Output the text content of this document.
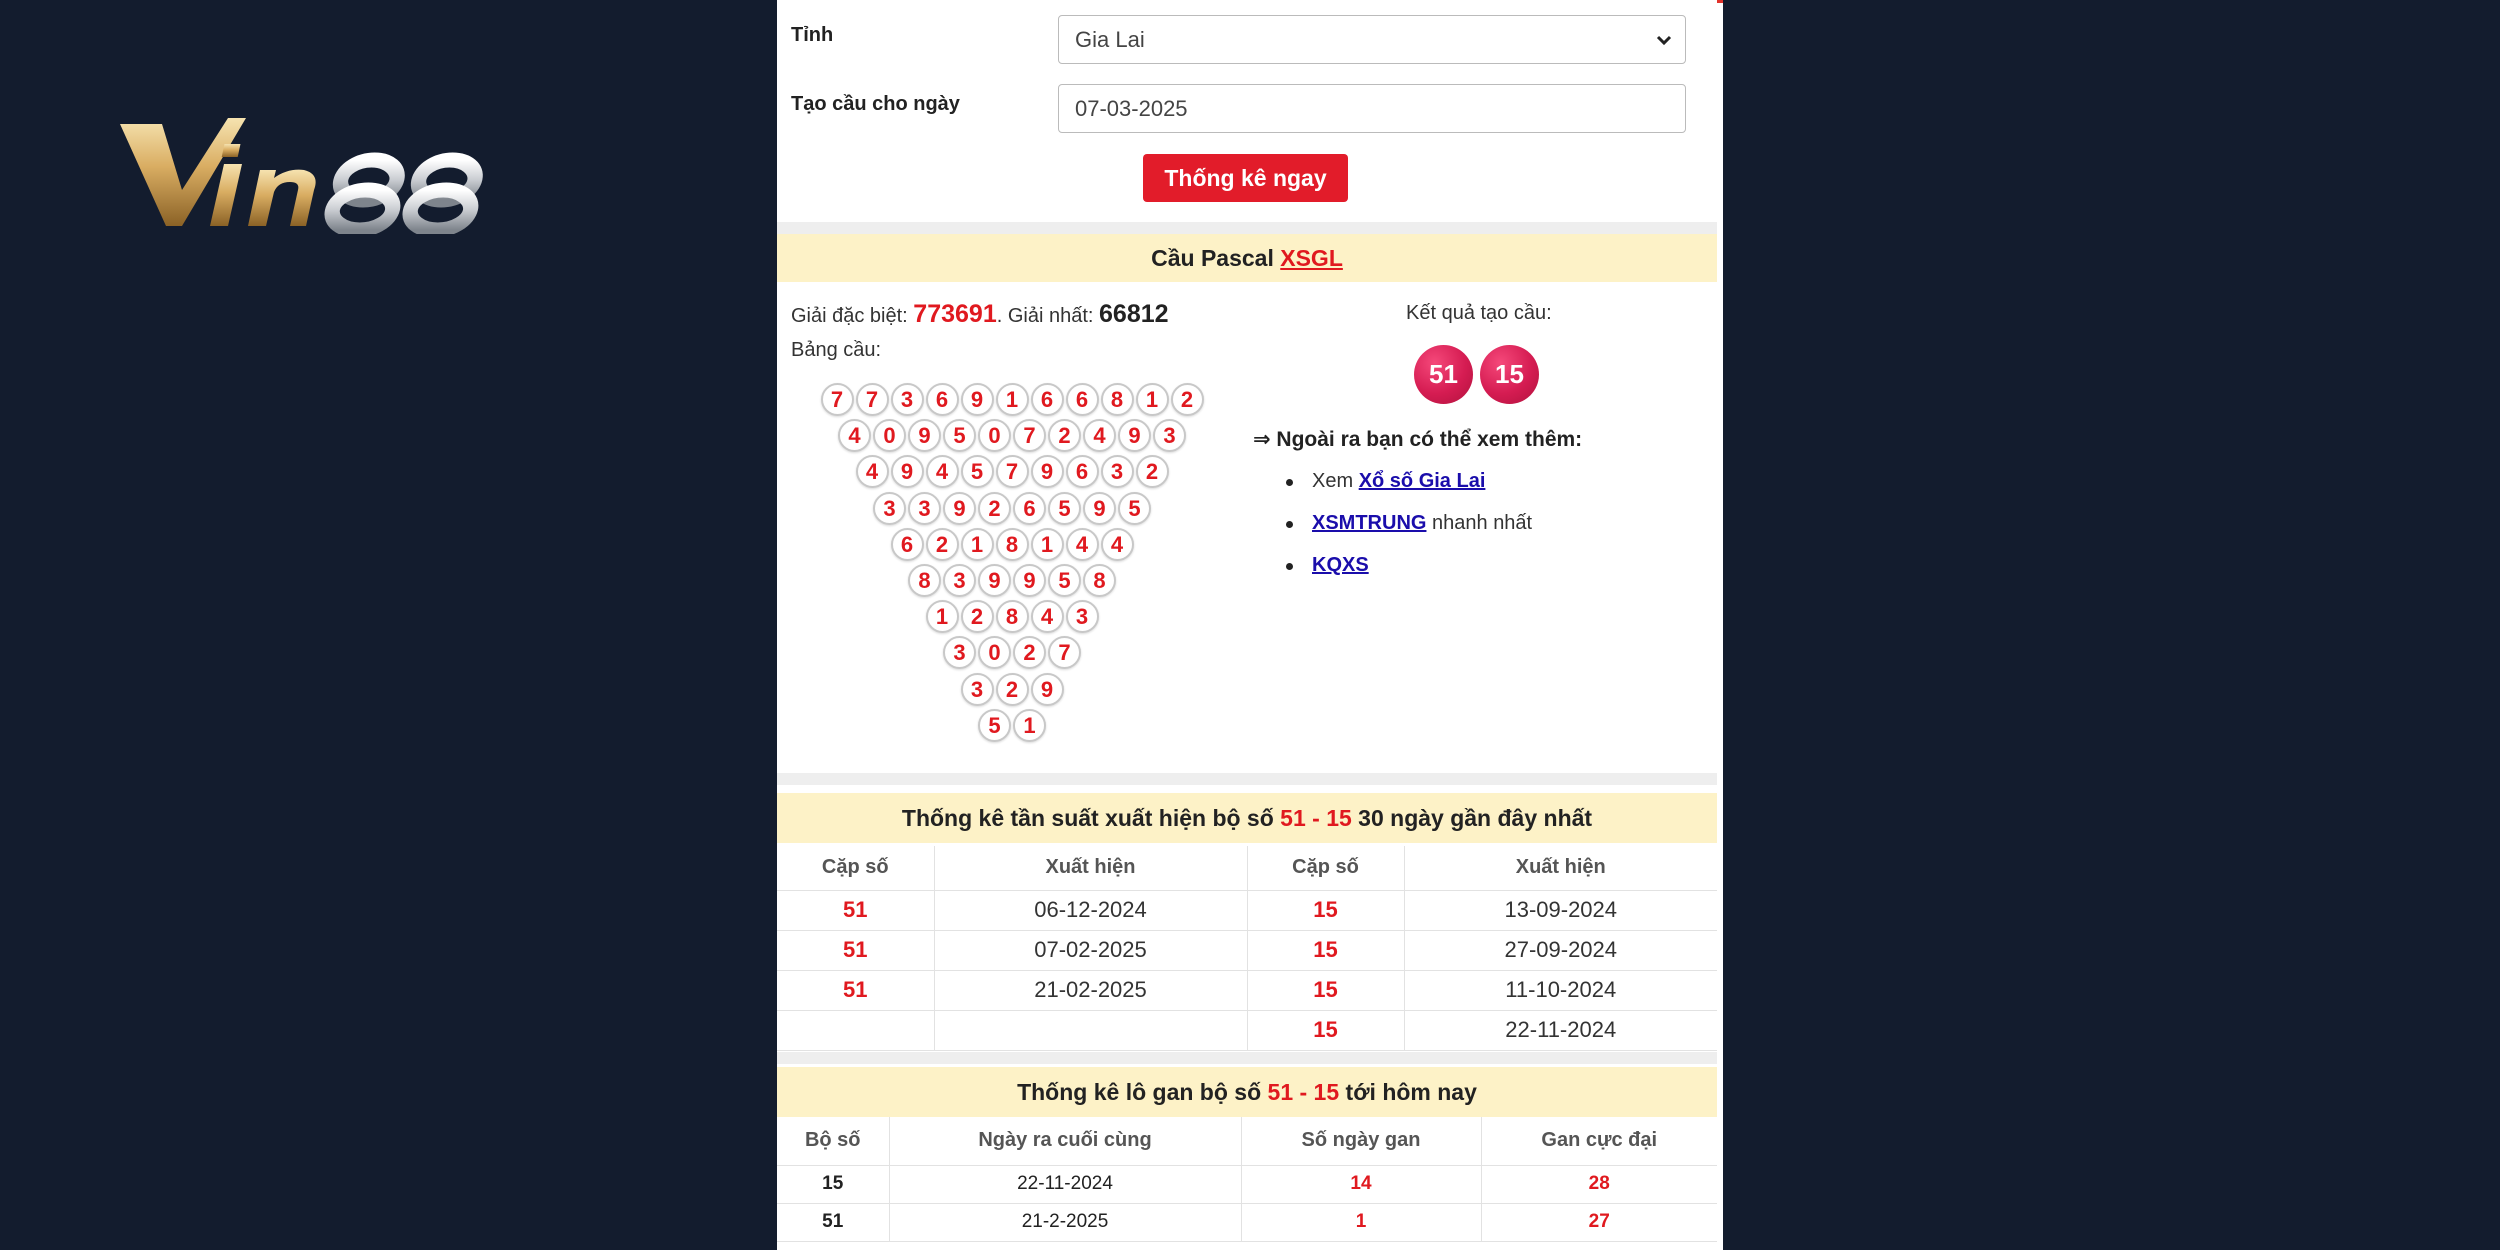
Tỉnh	Gia Lai
Tạo cầu cho ngày	07-03-2025
Thống kê ngay
Cầu Pascal XSGL
Giải đặc biệt: 773691. Giải nhất: 66812
Bảng cầu:
7	7	3	6	9	1	6	6	8	1	2
4	0	9	5	0	7	2	4	9	3
4	9	4	5	7	9	6	3	2
3	3	9	2	6	5	9	5
6	2	1	8	1	4	4
8	3	9	9	5	8
1	2	8	4	3
3	0	2	7
3	2	9
5	1
Kết quả tạo cầu:
51	15
⇒ Ngoài ra bạn có thể xem thêm:
Xem Xổ số Gia Lai
XSMTRUNG nhanh nhất
KQXS
Thống kê tần suất xuất hiện bộ số 51 - 15 30 ngày gần đây nhất
Cặp số	Xuất hiện	Cặp số	Xuất hiện
51	06-12-2024	15	13-09-2024
51	07-02-2025	15	27-09-2024
51	21-02-2025	15	11-10-2024
		15	22-11-2024
Thống kê lô gan bộ số 51 - 15 tới hôm nay
Bộ số	Ngày ra cuối cùng	Số ngày gan	Gan cực đại
15	22-11-2024	14	28
51	21-2-2025	1	27
